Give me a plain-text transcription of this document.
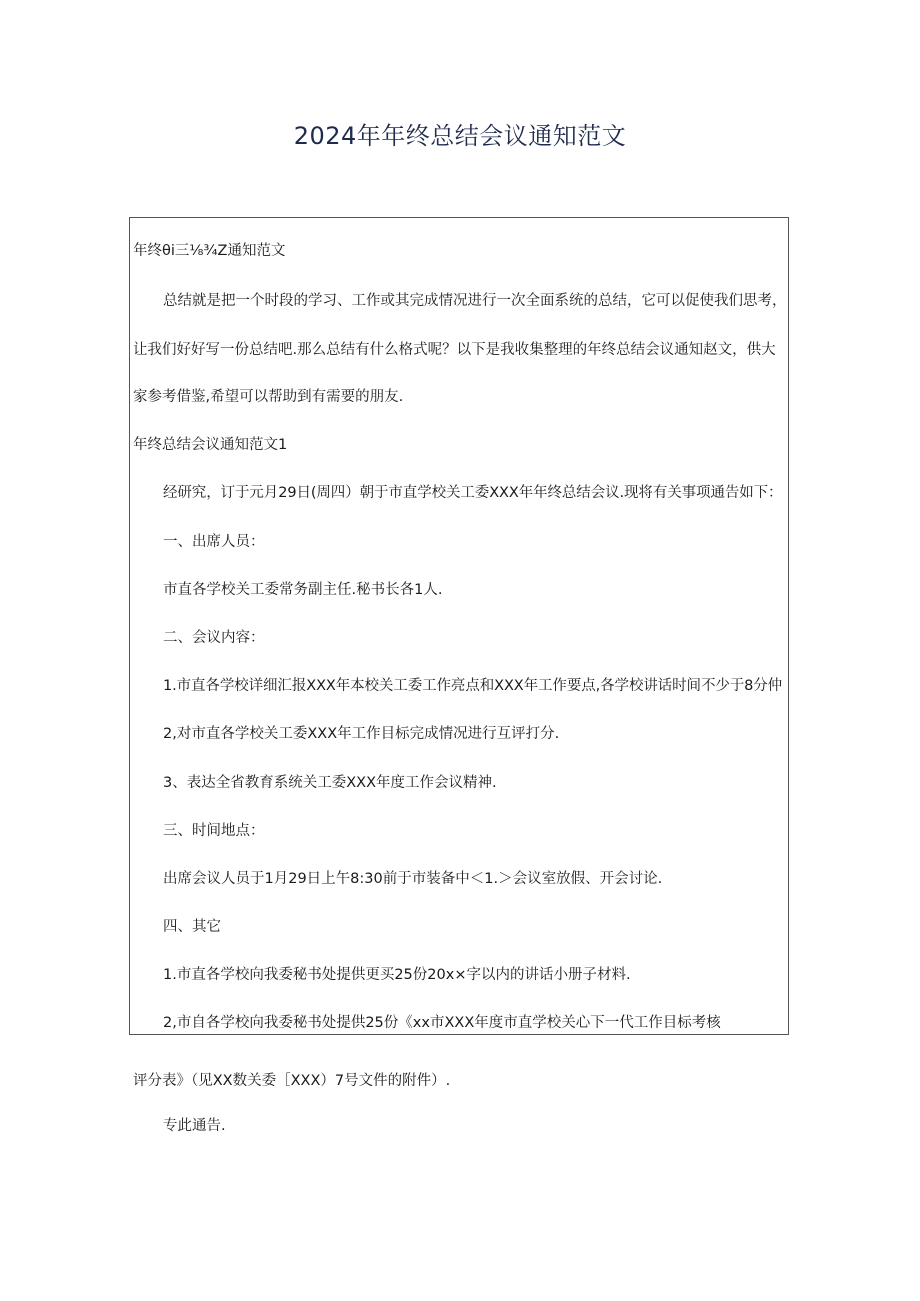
2024年年终总结会议通知范文
年终θi三⅛¾Z通知范文
总结就是把一个时段的学习、工作或其完成情况进行一次全面系统的总结，它可以促使我们思考，
让我们好好写一份总结吧.那么总结有什么格式呢？以下是我收集整理的年终总结会议通知赵文，供大
家参考借鉴,希望可以帮助到有需要的朋友.
年终总结会议通知范文1
经研究，订于元月29日(周四）朝于市直学校关工委XXX年年终总结会议.现将有关事项通告如下：
一、出席人员：
市直各学校关工委常务副主任.秘书长各1人.
二、会议内容：
1.市直各学校详细汇报XXX年本校关工委工作亮点和XXX年工作要点,各学校讲话时间不少于8分仲
2,对市直各学校关工委XXX年工作目标完成情况进行互评打分.
3、表达全省教育系统关工委XXX年度工作会议精神.
三、时间地点：
出席会议人员于1月29日上午8:30前于市装备中＜1.＞会议室放假、开会讨论.
四、其它
1.市直各学校向我委秘书处提供更买25份20x×字以内的讲话小册子材料.
2,市自各学校向我委秘书处提供25份《xx市XXX年度市直学校关心下一代工作目标考核
评分表》（见XX数关委［XXX）7号文件的附件）.
专此通告.
